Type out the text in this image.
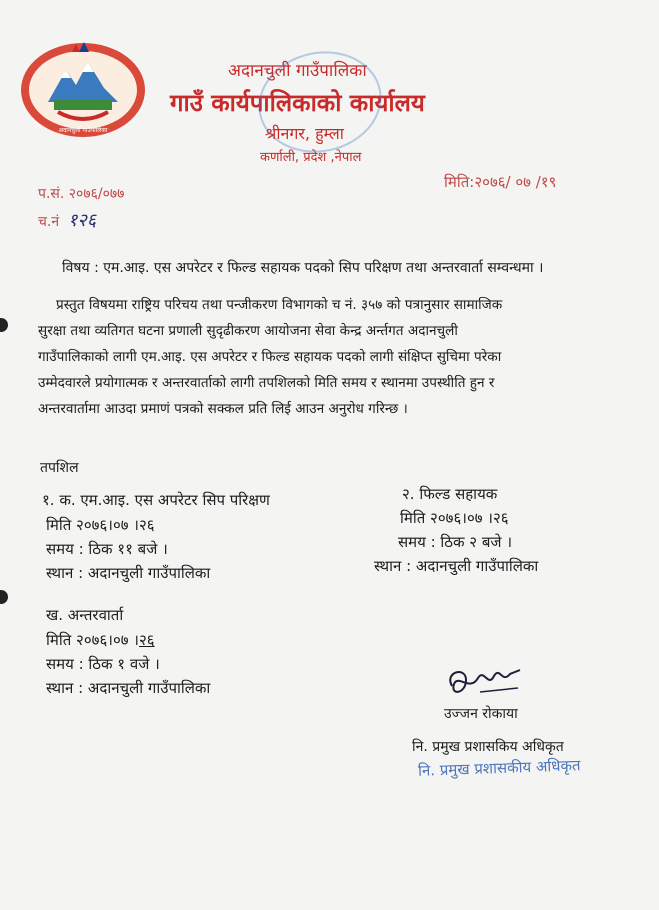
अदानचुली गाउँपालिका
अदानचुली गाउँपालिका
गाउँ कार्यपालिकाको कार्यालय
श्रीनगर, हुम्ला
कर्णाली, प्रदेश ,नेपाल
प.सं. २०७६/०७७
च.नं १२६
मिति:२०७६/ ०७ /१९
विषय : एम.आइ. एस अपरेटर र फिल्ड सहायक पदको सिप परिक्षण तथा अन्तरवार्ता सम्वन्धमा ।
प्रस्तुत विषयमा राष्ट्रिय परिचय तथा पन्जीकरण विभागको च नं. ३५७ को पत्रानुसार सामाजिक
सुरक्षा तथा व्यतिगत घटना प्रणाली सुदृढीकरण आयोजना सेवा केन्द्र अर्न्तगत अदानचुली
गाउँपालिकाको लागी एम.आइ. एस अपरेटर र फिल्ड सहायक पदको लागी संक्षिप्त सुचिमा परेका
उम्मेदवारले प्रयोगात्मक र अन्तरवार्ताको लागी तपशिलको मिति समय र स्थानमा उपस्थीति हुन र
अन्तरवार्तामा आउदा प्रमाणं पत्रको सक्कल प्रति लिई आउन अनुरोध गरिन्छ ।
तपशिल
१. क. एम.आइ. एस अपरेटर सिप परिक्षण
मिति २०७६।०७ ।२६
समय : ठिक ११ बजे ।
स्थान : अदानचुली गाउँपालिका
२. फिल्ड सहायक
मिति २०७६।०७ ।२६
समय : ठिक २ बजे ।
स्थान : अदानचुली गाउँपालिका
ख. अन्तरवार्ता
मिति २०७६।०७ ।२६
समय : ठिक १ वजे ।
स्थान : अदानचुली गाउँपालिका
उज्जन रोकाया
नि. प्रमुख प्रशासकिय अधिकृत
नि. प्रमुख प्रशासकीय अधिकृत
